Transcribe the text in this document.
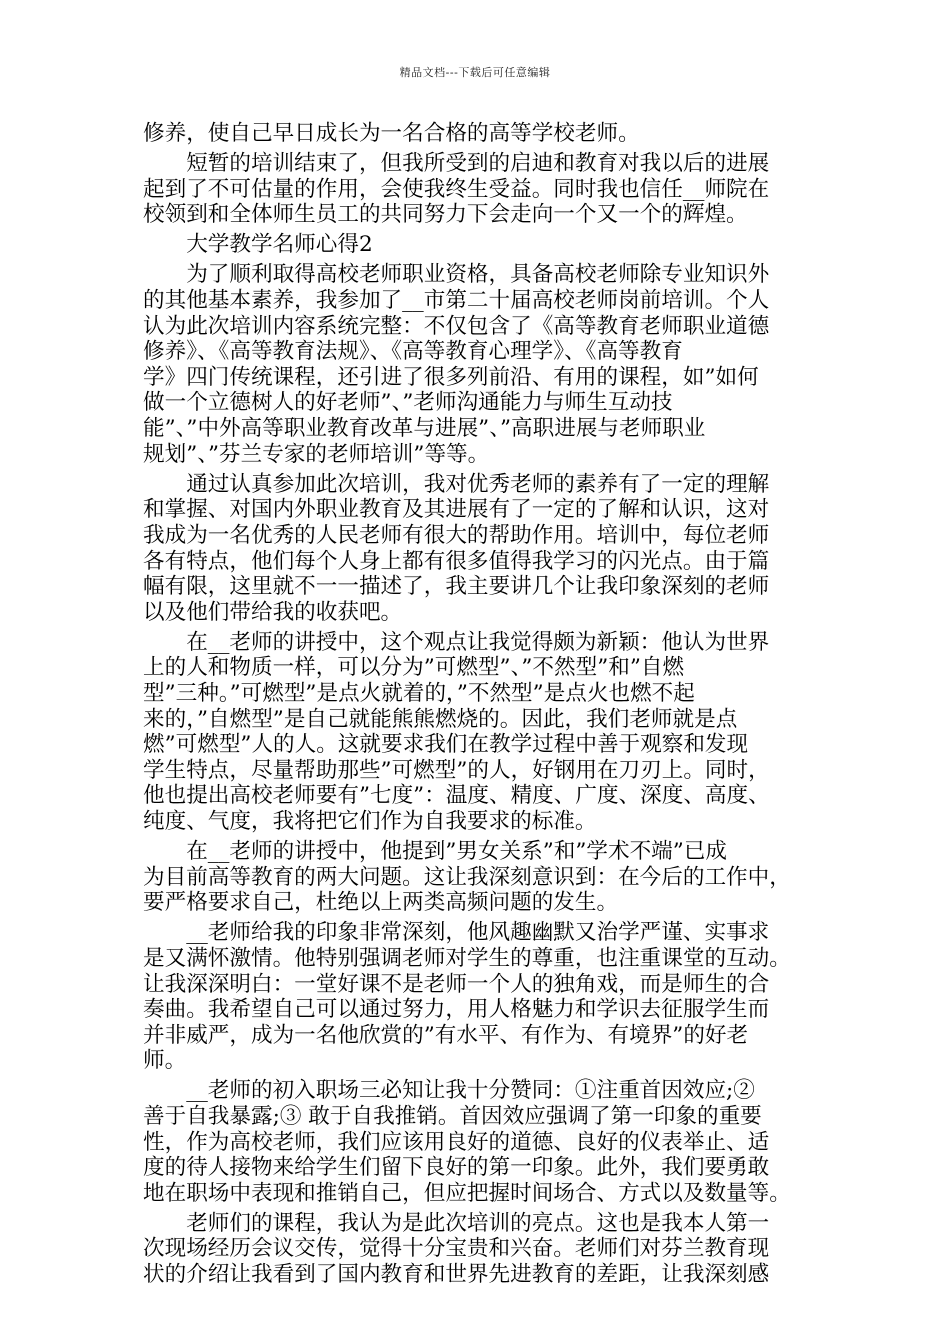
精品文档---下载后可任意编辑
修养，使自己早日成长为一名合格的高等学校老师。
　　短暂的培训结束了，但我所受到的启迪和教育对我以后的进展
起到了不可估量的作用，会使我终生受益。同时我也信任__师院在
校领到和全体师生员工的共同努力下会走向一个又一个的辉煌。
　　大学教学名师心得2
　　为了顺利取得高校老师职业资格，具备高校老师除专业知识外
的其他基本素养，我参加了__市第二十届高校老师岗前培训。个人
认为此次培训内容系统完整：不仅包含了《高等教育老师职业道德
修养》、《高等教育法规》、《高等教育心理学》、《高等教育
学》四门传统课程，还引进了很多列前沿、有用的课程，如”如何
做一个立德树人的好老师”、”老师沟通能力与师生互动技
能”、”中外高等职业教育改革与进展”、”高职进展与老师职业
规划”、”芬兰专家的老师培训”等等。
　　通过认真参加此次培训，我对优秀老师的素养有了一定的理解
和掌握、对国内外职业教育及其进展有了一定的了解和认识，这对
我成为一名优秀的人民老师有很大的帮助作用。培训中，每位老师
各有特点，他们每个人身上都有很多值得我学习的闪光点。由于篇
幅有限，这里就不一一描述了，我主要讲几个让我印象深刻的老师
以及他们带给我的收获吧。
　　在__老师的讲授中，这个观点让我觉得颇为新颖：他认为世界
上的人和物质一样，可以分为”可燃型”、”不然型”和”自燃
型”三种。”可燃型”是点火就着的，”不然型”是点火也燃不起
来的，”自燃型”是自己就能熊熊燃烧的。因此，我们老师就是点
燃”可燃型”人的人。这就要求我们在教学过程中善于观察和发现
学生特点，尽量帮助那些”可燃型”的人，好钢用在刀刃上。同时，
他也提出高校老师要有”七度”：温度、精度、广度、深度、高度、
纯度、气度，我将把它们作为自我要求的标准。
　　在__老师的讲授中，他提到”男女关系”和”学术不端”已成
为目前高等教育的两大问题。这让我深刻意识到：在今后的工作中，
要严格要求自己，杜绝以上两类高频问题的发生。
　　__老师给我的印象非常深刻，他风趣幽默又治学严谨、实事求
是又满怀激情。他特别强调老师对学生的尊重，也注重课堂的互动。
让我深深明白：一堂好课不是老师一个人的独角戏，而是师生的合
奏曲。我希望自己可以通过努力，用人格魅力和学识去征服学生而
并非威严，成为一名他欣赏的”有水平、有作为、有境界”的好老
师。
　　__老师的初入职场三必知让我十分赞同：①注重首因效应;②
善于自我暴露;③ 敢于自我推销。首因效应强调了第一印象的重要
性，作为高校老师，我们应该用良好的道德、良好的仪表举止、适
度的待人接物来给学生们留下良好的第一印象。此外，我们要勇敢
地在职场中表现和推销自己，但应把握时间场合、方式以及数量等。
　　老师们的课程，我认为是此次培训的亮点。这也是我本人第一
次现场经历会议交传，觉得十分宝贵和兴奋。老师们对芬兰教育现
状的介绍让我看到了国内教育和世界先进教育的差距，让我深刻感
